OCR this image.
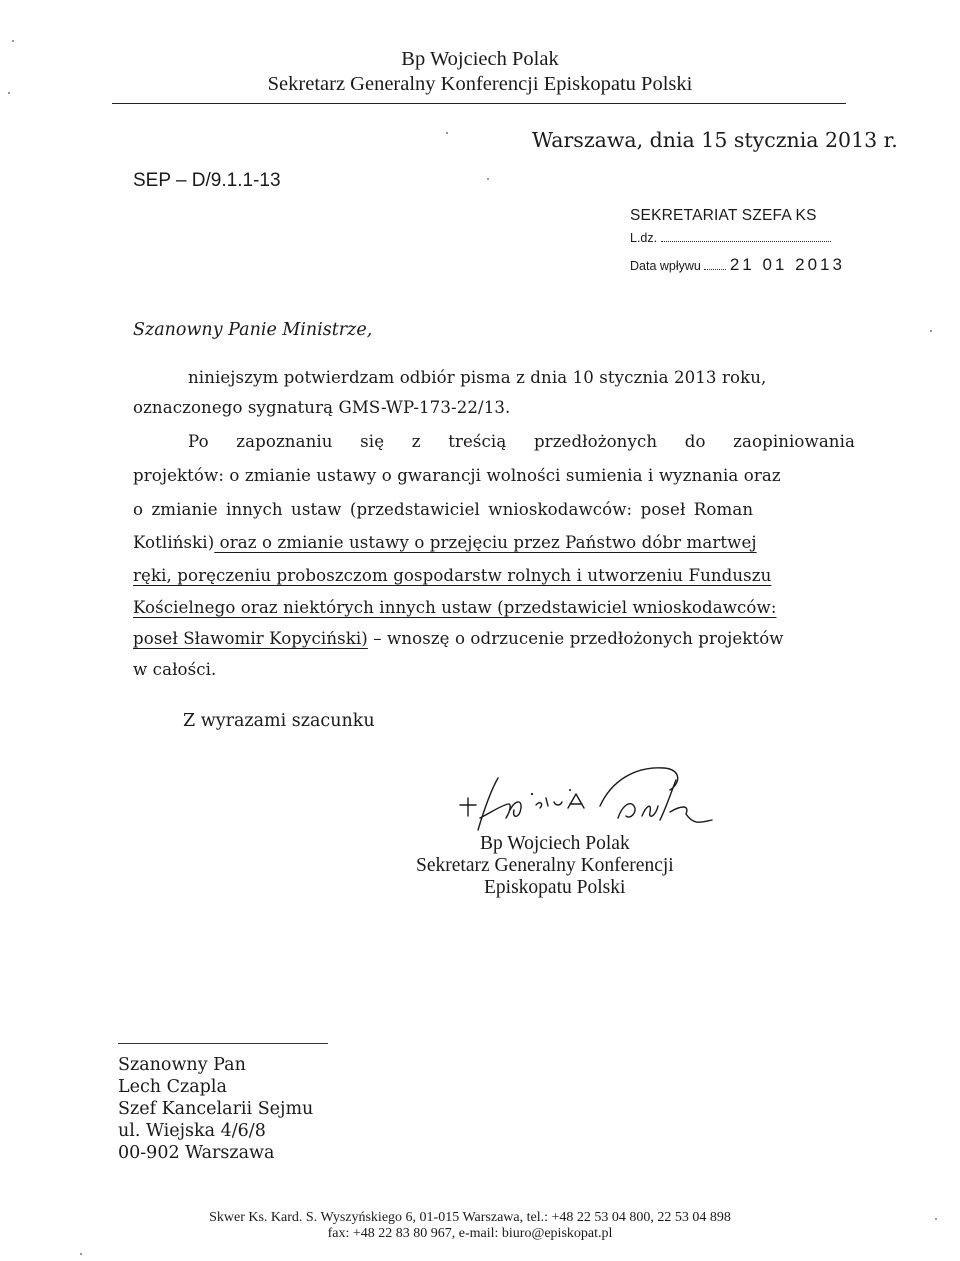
Bp Wojciech Polak
Sekretarz Generalny Konferencji Episkopatu Polski
Warszawa, dnia 15 stycznia 2013 r.
SEP – D/9.1.1-13
SEKRETARIAT SZEFA KS
L.dz.
Data wpływu 21 01 2013
Szanowny Panie Ministrze,
niniejszym potwierdzam odbiór pisma z dnia 10 stycznia 2013 roku,
oznaczonego sygnaturą GMS-WP-173-22/13.
Po zapoznaniu się z treścią przedłożonych do zaopiniowania
projektów: o zmianie ustawy o gwarancji wolności sumienia i wyznania oraz
o zmianie innych ustaw (przedstawiciel wnioskodawców: poseł Roman
Kotliński) oraz o zmianie ustawy o przejęciu przez Państwo dóbr martwej
ręki, poręczeniu proboszczom gospodarstw rolnych i utworzeniu Funduszu
Kościelnego oraz niektórych innych ustaw (przedstawiciel wnioskodawców:
poseł Sławomir Kopyciński) – wnoszę o odrzucenie przedłożonych projektów
w całości.
Z wyrazami szacunku
Bp Wojciech Polak
Sekretarz Generalny Konferencji
Episkopatu Polski
Szanowny Pan
Lech Czapla
Szef Kancelarii Sejmu
ul. Wiejska 4/6/8
00-902 Warszawa
Skwer Ks. Kard. S. Wyszyńskiego 6, 01-015 Warszawa, tel.: +48 22 53 04 800, 22 53 04 898
fax: +48 22 83 80 967, e-mail: biuro@episkopat.pl
